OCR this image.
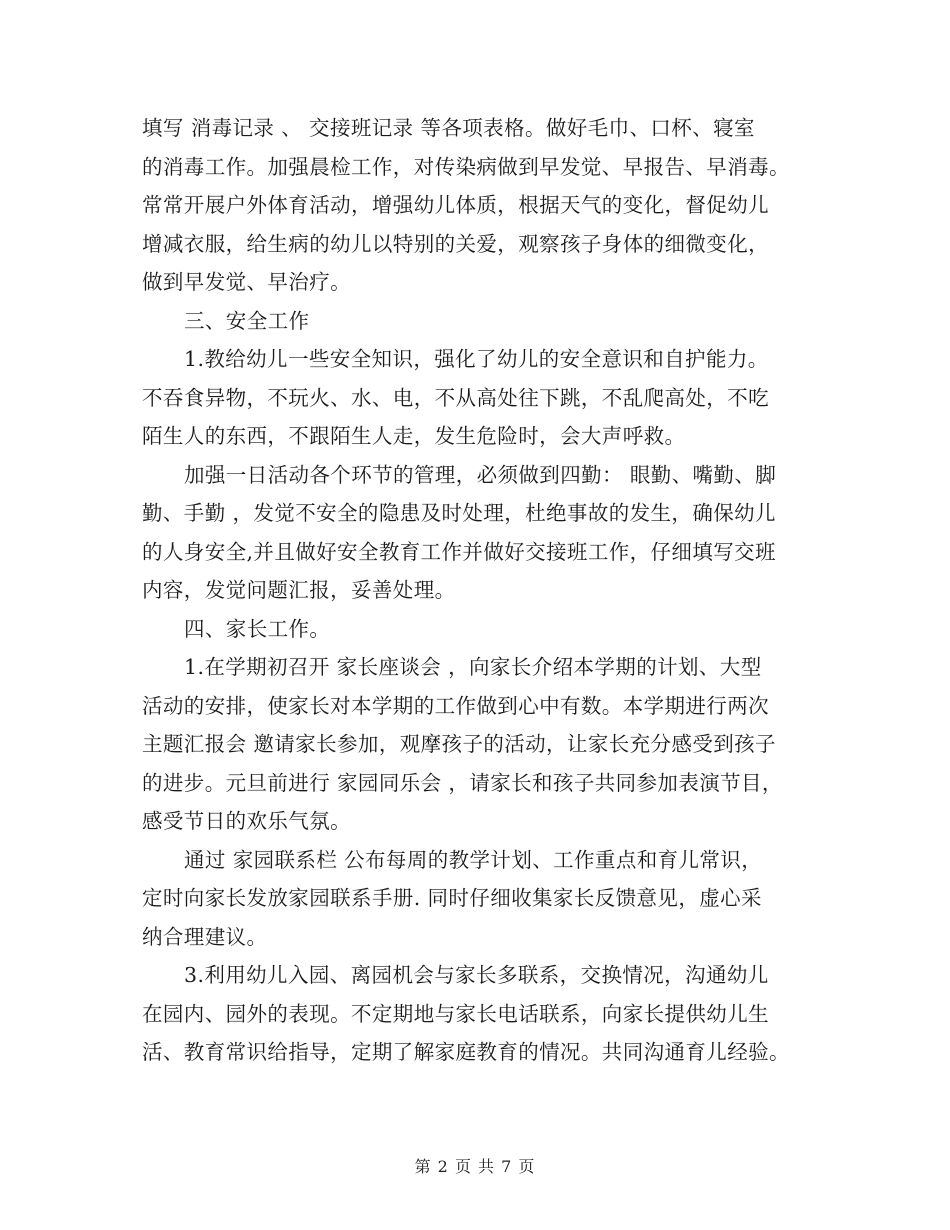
填写 消毒记录 、 交接班记录 等各项表格。做好毛巾、口杯、寝室
的消毒工作。加强晨检工作，对传染病做到早发觉、早报告、早消毒。
常常开展户外体育活动，增强幼儿体质，根据天气的变化，督促幼儿
增减衣服，给生病的幼儿以特别的关爱，观察孩子身体的细微变化，
做到早发觉、早治疗。

三、安全工作

1.教给幼儿一些安全知识，强化了幼儿的安全意识和自护能力。
不吞食异物，不玩火、水、电，不从高处往下跳，不乱爬高处，不吃
陌生人的东西，不跟陌生人走，发生危险时，会大声呼救。

加强一日活动各个环节的管理，必须做到四勤： 眼勤、嘴勤、脚
勤、手勤 ，发觉不安全的隐患及时处理，杜绝事故的发生，确保幼儿
的人身安全,并且做好安全教育工作并做好交接班工作，仔细填写交班
内容，发觉问题汇报，妥善处理。

四、家长工作。

1.在学期初召开 家长座谈会 ，向家长介绍本学期的计划、大型
活动的安排，使家长对本学期的工作做到心中有数。本学期进行两次
主题汇报会 邀请家长参加，观摩孩子的活动，让家长充分感受到孩子
的进步。元旦前进行 家园同乐会 ，请家长和孩子共同参加表演节目，
感受节日的欢乐气氛。

通过 家园联系栏 公布每周的教学计划、工作重点和育儿常识，
定时向家长发放家园联系手册. 同时仔细收集家长反馈意见，虚心采
纳合理建议。

3.利用幼儿入园、离园机会与家长多联系，交换情况，沟通幼儿
在园内、园外的表现。不定期地与家长电话联系，向家长提供幼儿生
活、教育常识给指导，定期了解家庭教育的情况。共同沟通育儿经验。

第 2 页 共 7 页
